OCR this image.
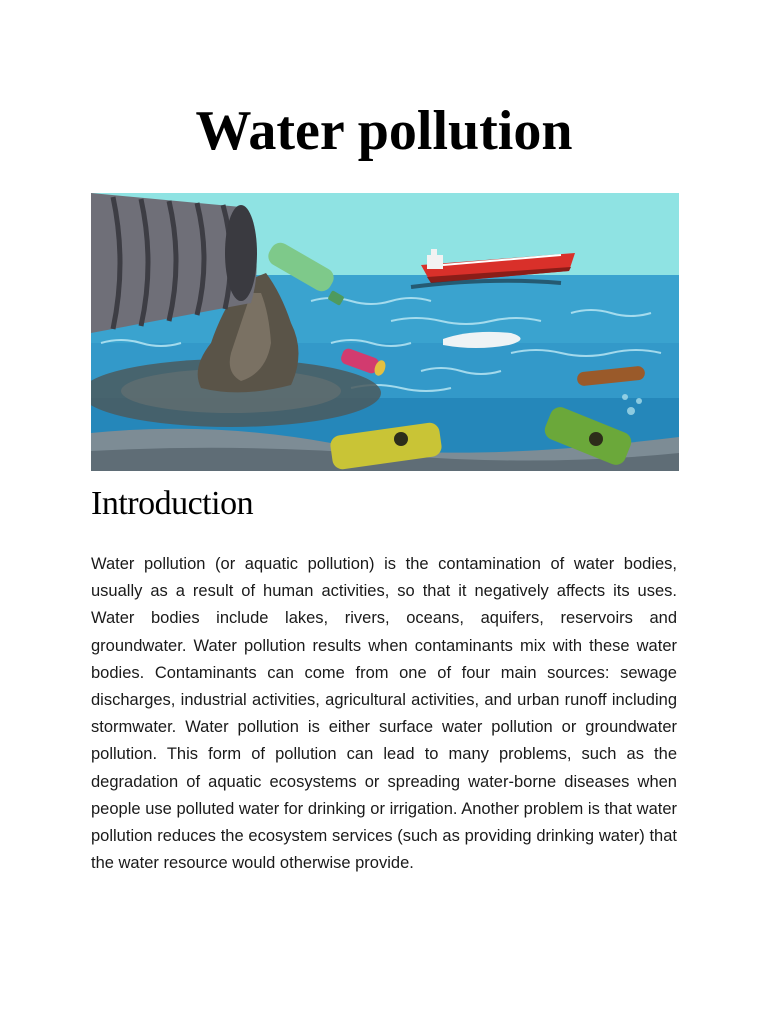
Water pollution
Introduction

Water pollution (or aquatic pollution) is the contamination of water bodies, usually as a result of human activities, so that it negatively affects its uses. Water bodies include lakes, rivers, oceans, aquifers, reservoirs and groundwater. Water pollution results when contaminants mix with these water bodies. Contaminants can come from one of four main sources: sewage discharges, industrial activities, agricultural activities, and urban runoff including stormwater. Water pollution is either surface water pollution or groundwater pollution. This form of pollution can lead to many problems, such as the degradation of aquatic ecosystems or spreading water-borne diseases when people use polluted water for drinking or irrigation. Another problem is that water pollution reduces the ecosystem services (such as providing drinking water) that the water resource would otherwise provide.
